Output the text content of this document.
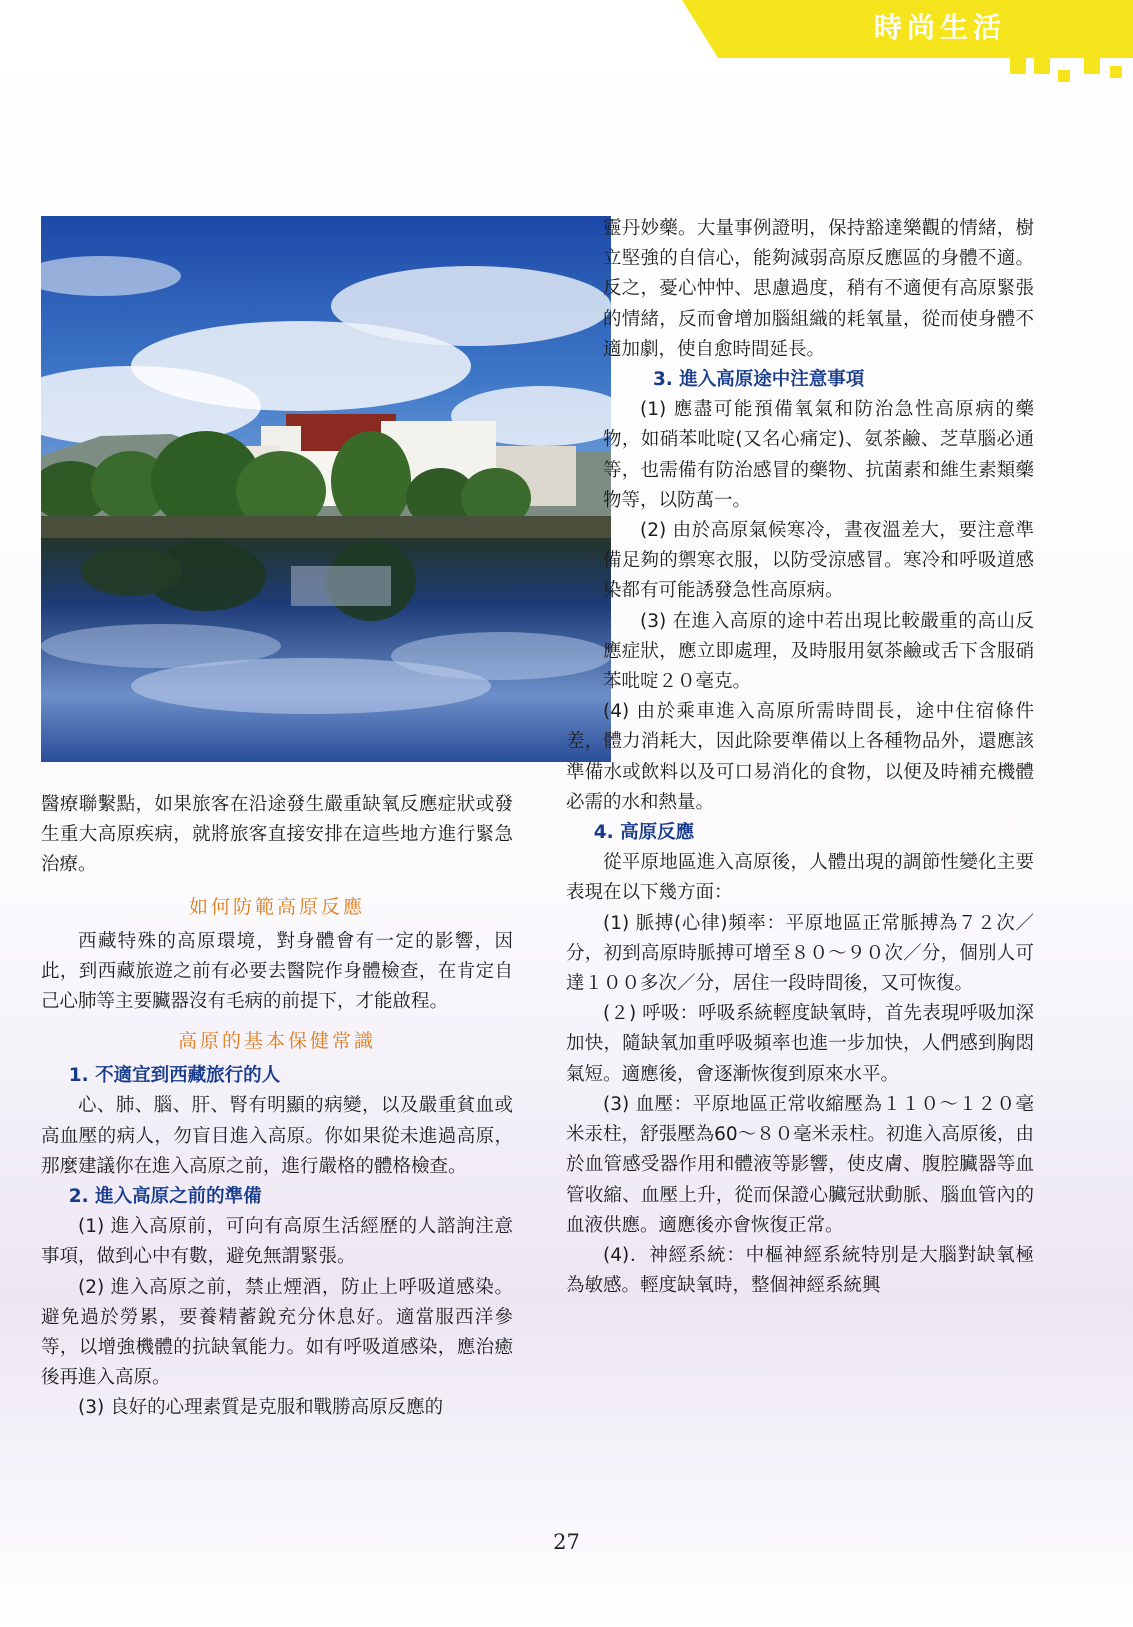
時尚生活

醫療聯繫點，如果旅客在沿途發生嚴重缺氧反應症狀或發生重大高原疾病，就將旅客直接安排在這些地方進行緊急治療。

如何防範高原反應

西藏特殊的高原環境，對身體會有一定的影響，因此，到西藏旅遊之前有必要去醫院作身體檢查，在肯定自己心肺等主要臟器沒有毛病的前提下，才能啟程。

高原的基本保健常識

1. 不適宜到西藏旅行的人

心、肺、腦、肝、腎有明顯的病變，以及嚴重貧血或高血壓的病人，勿盲目進入高原。你如果從未進過高原，那麼建議你在進入高原之前，進行嚴格的體格檢查。

2. 進入高原之前的準備

(1) 進入高原前，可向有高原生活經歷的人諮詢注意事項，做到心中有數，避免無謂緊張。

(2) 進入高原之前，禁止煙酒，防止上呼吸道感染。避免過於勞累，要養精蓄銳充分休息好。適當服西洋參等，以增強機體的抗缺氧能力。如有呼吸道感染，應治癒後再進入高原。

(3) 良好的心理素質是克服和戰勝高原反應的

靈丹妙藥。大量事例證明，保持豁達樂觀的情緒，樹立堅強的自信心，能夠減弱高原反應區的身體不適。反之，憂心忡忡、思慮過度，稍有不適便有高原緊張的情緒，反而會增加腦組織的耗氧量，從而使身體不適加劇，使自愈時間延長。

3. 進入高原途中注意事項

(1) 應盡可能預備氧氣和防治急性高原病的藥物，如硝苯吡啶(又名心痛定)、氨茶鹼、芝草腦必通等，也需備有防治感冒的藥物、抗菌素和維生素類藥物等，以防萬一。

(2) 由於高原氣候寒冷，晝夜溫差大，要注意準備足夠的禦寒衣服，以防受涼感冒。寒冷和呼吸道感染都有可能誘發急性高原病。

(3) 在進入高原的途中若出現比較嚴重的高山反應症狀，應立即處理，及時服用氨茶鹼或舌下含服硝苯吡啶２０毫克。

(4) 由於乘車進入高原所需時間長，途中住宿條件差，體力消耗大，因此除要準備以上各種物品外，還應該準備水或飲料以及可口易消化的食物，以便及時補充機體必需的水和熱量。

4. 高原反應

從平原地區進入高原後，人體出現的調節性變化主要表現在以下幾方面：

(1) 脈搏(心律)頻率：平原地區正常脈搏為７２次／分，初到高原時脈搏可增至８０～９０次／分，個別人可達１００多次／分，居住一段時間後，又可恢復。

(２) 呼吸：呼吸系統輕度缺氧時，首先表現呼吸加深加快，隨缺氧加重呼吸頻率也進一步加快，人們感到胸悶氣短。適應後，會逐漸恢復到原來水平。

(3) 血壓：平原地區正常收縮壓為１１０～１２０毫米汞柱，舒張壓為60～８０毫米汞柱。初進入高原後，由於血管感受器作用和體液等影響，使皮膚、腹腔臟器等血管收縮、血壓上升，從而保證心臟冠狀動脈、腦血管內的血液供應。適應後亦會恢復正常。

(4)．神經系統：中樞神經系統特別是大腦對缺氧極為敏感。輕度缺氧時，整個神經系統興

27
